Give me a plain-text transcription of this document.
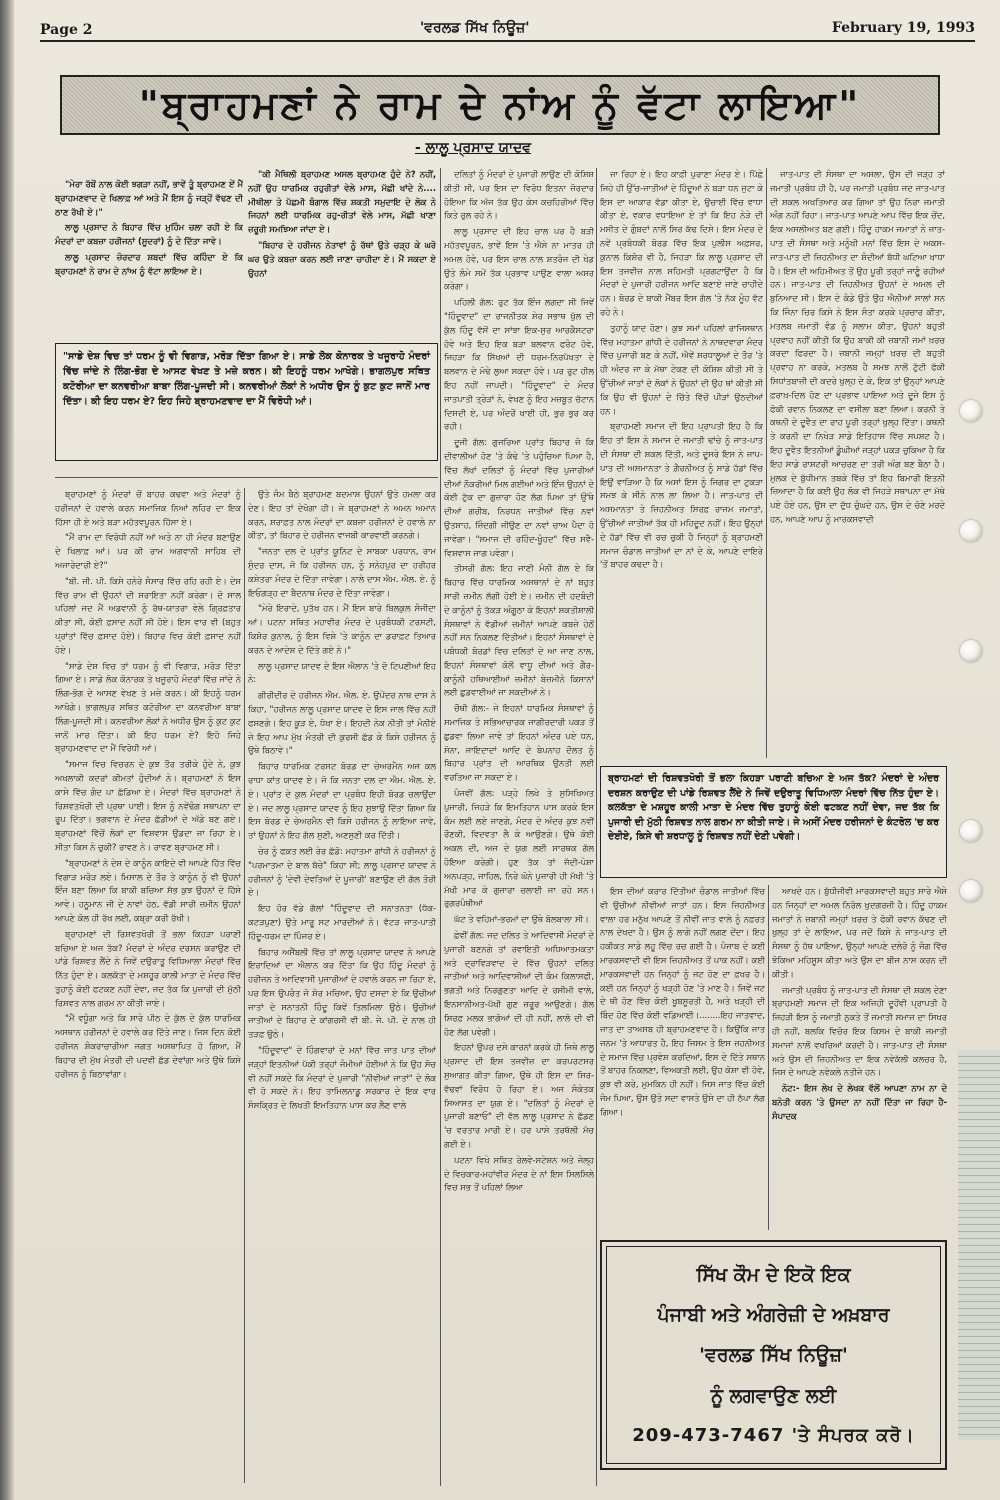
Page 2	'ਵਰਲਡ ਸਿੱਖ ਨਿਊਜ਼'	February 19, 1993
"ਬ੍ਰਾਹਮਣਾਂ ਨੇ ਰਾਮ ਦੇ ਨਾਂਅ ਨੂੰ ਵੱਟਾ ਲਾਇਆ"
- ਲਾਲੂ ਪ੍ਰਸਾਦ ਯਾਦਵ

"ਮੇਰਾ ਰੱਬੋਂ ਨਾਲ ਕੋਈ ਝਗੜਾ ਨਹੀਂ, ਭਾਵੇਂ ਤੂੰ ਬ੍ਰਾਹਮਣ ਏਂ ਮੈਂ ਬ੍ਰਾਹਮਣਵਾਦ ਦੇ ਖਿਲਾਫ਼ ਆਂ ਅਤੇ ਮੈਂ ਇਸ ਨੂੰ ਜੜ੍ਹੋਂ ਵੱਢਣ ਦੀ ਠਾਣ ਰੱਖੀ ਏ।"

ਲਾਲੂ ਪ੍ਰਸਾਦ ਨੇ ਬਿਹਾਰ ਵਿੱਚ ਮੁਹਿੰਮ ਚਲਾ ਰਹੀ ਏ ਕਿ ਮੰਦਰਾਂ ਦਾ ਕਬਜ਼ਾ ਹਰੀਜਨਾਂ (ਸੂਦਰਾਂ) ਨੂੰ ਦੇ ਦਿੱਤਾ ਜਾਵੇ।

ਲਾਲੂ ਪ੍ਰਸਾਦ ਜ਼ੋਰਦਾਰ ਸ਼ਬਦਾਂ ਵਿੱਚ ਕਹਿੰਦਾ ਏ ਕਿ ਬ੍ਰਾਹਮਣਾਂ ਨੇ ਰਾਮ ਦੇ ਨਾਂਅ ਨੂੰ ਵੱਟਾ ਲਾਇਆ ਏ।

"ਕੀ ਮੈਥਿਲੀ ਬ੍ਰਾਹਮਣ ਅਸਲ ਬ੍ਰਾਹਮਣ ਹੁੰਦੇ ਨੇ? ਨਹੀਂ, ਨਹੀਂ ਉਹ ਧਾਰਮਿਕ ਰਹੁਰੀਤਾਂ ਵੇਲੇ ਮਾਸ, ਮੱਛੀ ਖਾਂਦੇ ਨੇ.... ਮੀਥੀਲਾ ਤੇ ਪੱਛਮੀ ਬੰਗਾਲ ਵਿੱਚ ਸ਼ਕਤੀ ਸਮੁਦਾਇ ਦੇ ਲੋਕ ਨੇ ਜਿਹਨਾਂ ਲਈ ਧਾਰਮਿਕ ਰਹੁ-ਰੀਤਾਂ ਵੇਲੇ ਮਾਸ, ਮੱਛੀ ਖਾਣਾ ਜ਼ਰੂਰੀ ਸਮਝਿਆ ਜਾਂਦਾ ਏ।

"ਬਿਹਾਰ ਦੇ ਹਰੀਜਨ ਨੇਤਾਵਾਂ ਨੂੰ ਰੱਥਾਂ ਉਤੇ ਚੜ੍ਹ ਕੇ ਘਰੋ ਘਰ ਉਤੇ ਕਬਜ਼ਾ ਕਰਨ ਲਈ ਜਾਣਾ ਚਾਹੀਦਾ ਏ। ਮੈਂ ਸਕਦਾ ਏ ਉਹਨਾਂ

"ਸਾਡੇ ਦੇਸ਼ ਵਿਚ ਤਾਂ ਧਰਮ ਨੂੰ ਵੀ ਵਿਗਾੜ, ਮਰੋੜ ਦਿੱਤਾ ਗਿਆ ਏ। ਸਾਡੇ ਲੋਕ ਕੋਨਾਰਕ ਤੇ ਖਜੂਰਾਹੋ ਮੰਦਰਾਂ ਵਿੱਚ ਜਾਂਦੇ ਨੇ ਲਿੰਗ-ਭੋਗ ਦੇ ਆਸਣ ਵੇਖਣ ਤੇ ਮਜ਼ੇ ਕਰਨ। ਕੀ ਇਹਨੂੰ ਧਰਮ ਆਖੋਗੇ। ਭਾਗਲਪੁਰ ਸਥਿਤ ਕਟੋਰੀਆ ਦਾ ਕਨਵਰੀਆ ਬਾਬਾ ਲਿੰਗ-ਪੂਜਦੀ ਸੀ। ਕਨਵਰੀਆਂ ਲੋਕਾਂ ਨੇ ਅਧੀਰ ਉਸ ਨੂੰ ਕੁਟ ਕੁਟ ਜਾਨੋਂ ਮਾਰ ਦਿੱਤਾ। ਕੀ ਇਹ ਧਰਮ ਏ? ਇਹ ਜਿਹੇ ਬ੍ਰਾਹਮਣਵਾਦ ਦਾ ਮੈਂ ਵਿਰੋਧੀ ਆਂ।

ਬ੍ਰਾਹਮਣਾਂ ਨੂੰ ਮੰਦਰਾਂ ਚੋਂ ਬਾਹਰ ਕਢਵਾ ਅਤੇ ਮੰਦਰਾਂ ਨੂੰ ਹਰੀਜਨਾਂ ਦੇ ਹਵਾਲੇ ਕਰਨ ਸਮਾਜਿਕ ਨਿਆਂ ਲਹਿਰ ਦਾ ਇਕ ਹਿੱਸਾ ਹੀ ਏ ਅਤੇ ਬੜਾ ਮਹੱਤਵਪੂਰਨ ਹਿੱਸਾ ਏ।

"ਮੈਂ ਰਾਮ ਦਾ ਵਿਰੋਧੀ ਨਹੀਂ ਆਂ ਅਤੇ ਨਾ ਹੀ ਮੰਦਰ ਬਣਾਉਣ ਦੇ ਖਿਲਾਫ਼ ਆਂ। ਪਰ ਕੀ ਰਾਮ ਅਗਵਾਨੀ ਸਾਹਿਬ ਦੀ ਅਜਾਰੇਦਾਰੀ ਏ?"

"ਬੀ. ਜੀ. ਪੀ. ਕਿਸੇ ਹਨੇਰੇ ਸੰਸਾਰ ਵਿੱਚ ਰਹਿ ਰਹੀ ਏ। ਦੇਸ਼ ਵਿੱਚ ਰਾਮ ਵੀ ਉਹਨਾਂ ਦੀ ਸਰਾਇਤਾ ਨਹੀਂ ਕਰੇਗਾ। ਦੋ ਸਾਲ ਪਹਿਲਾਂ ਜਦ ਮੈਂ ਅਡਵਾਨੀ ਨੂੰ ਰੱਥ-ਯਾਤਰਾ ਵੇਲੇ ਗ੍ਰਿਫ਼ਤਾਰ ਕੀਤਾ ਸੀ, ਕੋਈ ਫ਼ਸਾਦ ਨਹੀਂ ਸੀ ਹੋਏ। ਇਸ ਵਾਰ ਵੀ (ਬਹੁਤ ਪ੍ਰਾਂਤਾਂ ਵਿੱਚ ਫ਼ਸਾਦ ਹੋਏ)। ਬਿਹਾਰ ਵਿਚ ਕੋਈ ਫ਼ਸਾਦ ਨਹੀਂ ਹੋਏ।

"ਸਾਡੇ ਦੇਸ਼ ਵਿਚ ਤਾਂ ਧਰਮ ਨੂੰ ਵੀ ਵਿਗਾੜ, ਮਰੋੜ ਦਿੱਤਾ ਗਿਆ ਏ। ਸਾਡੇ ਲੋਕ ਕੋਨਾਰਕ ਤੇ ਖਜੂਰਾਹੋ ਮੰਦਰਾਂ ਵਿੱਚ ਜਾਂਦੇ ਨੇ ਲਿੰਗ-ਭੋਗ ਦੇ ਆਸਣ ਵੇਖਣ ਤੇ ਮਜ਼ੇ ਕਰਨ। ਕੀ ਇਹਨੂੰ ਧਰਮ ਆਖੋਗੇ। ਭਾਗਲਪੁਰ ਸਥਿਤ ਕਟੋਰੀਆ ਦਾ ਕਨਵਰੀਆ ਬਾਬਾ ਲਿੰਗ-ਪੂਜਦੀ ਸੀ। ਕਨਵਰੀਆ ਲੋਕਾਂ ਨੇ ਅਧੀਰ ਉਸ ਨੂੰ ਕੁਟ ਕੁਟ ਜਾਨੋਂ ਮਾਰ ਦਿੱਤਾ। ਕੀ ਇਹ ਧਰਮ ਏ? ਇਹੋ ਜਿਹੇ ਬ੍ਰਾਹਮਣਵਾਦ ਦਾ ਮੈਂ ਵਿਰੋਧੀ ਆਂ।

"ਸਮਾਜ ਵਿਚ ਵਿਚਰਨ ਦੇ ਕੁਝ ਤੌਰ ਤਰੀਕੇ ਹੁੰਦੇ ਨੇ, ਕੁਝ ਅਖਲਾਕੀ ਕਦਰਾਂ ਕੀਮਤਾਂ ਹੁੰਦੀਆਂ ਨੇ। ਬ੍ਰਾਹਮਣਾਂ ਨੇ ਇਸ ਕਾਸੇ ਵਿੱਚ ਗੰਦ ਪਾ ਛੱਡਿਆ ਏ। ਮੰਦਰਾਂ ਵਿੱਚ ਬ੍ਰਾਹਮਣਾਂ ਨੇ ਰਿਸ਼ਵਤਖੋਰੀ ਦੀ ਪ੍ਰਥਾ ਪਾਈ। ਇਸ ਨੂੰ ਨਵੇਂਢੰਗ ਸਥਾਪਨਾ ਦਾ ਰੂਪ ਦਿੱਤਾ। ਭਗਵਾਨ ਦੇ ਮੰਦਰ ਛੱਡੀਆਂ ਦੇ ਅੱਡੇ ਬਣ ਗਏ। ਬ੍ਰਾਹਮਣਾਂ ਵਿੱਚੋਂ ਲੋਕਾਂ ਦਾ ਵਿਸ਼ਵਾਸ ਉਡਦਾ ਜਾ ਰਿਹਾ ਏ। ਸੀਤਾ ਕਿਸ ਨੇ ਚੁਕੀ? ਰਾਵਣ ਨੇ। ਰਾਵਣ ਬ੍ਰਾਹਮਣ ਸੀ।

"ਬ੍ਰਾਹਮਣਾਂ ਨੇ ਦੇਸ਼ ਦੇ ਕਾਨੂੰਨ ਕਾਇਦੇ ਵੀ ਆਪਣੇ ਹਿੱਤ ਵਿੱਚ ਵਿਗਾੜ ਮਰੋੜ ਲਏ। ਮਿਸਾਲ ਦੇ ਤੌਰ ਤੇ ਕਾਨੂੰਨ ਨੂੰ ਵੀ ਉਹਨਾਂ ਇੰਜ ਬਣਾ ਲਿਆ ਕਿ ਬਾਕੀ ਬਚਿਆ ਸੱਭ ਕੁਝ ਉਹਨਾਂ ਦੇ ਹਿੱਸੇ ਆਵੇ। ਹਨੂਮਾਨ ਜੀ ਦੇ ਨਾਵਾਂ ਹੇਠ, ਵੱਡੀ ਸਾਰੀ ਜ਼ਮੀਨ ਉਹਨਾਂ ਆਪਣੇ ਕੋਲ ਹੀ ਰੱਖ ਲਈ, ਕਬ੍ਰਾ ਕਰੀ ਰੱਖੀ।

ਬ੍ਰਾਹਮਣਾਂ ਦੀ ਰਿਸ਼ਵਤਖੋਰੀ ਤੋਂ ਭਲਾ ਕਿਹੜਾ ਪਰਾਣੀ ਬਚਿਆ ਏ ਅਜ ਤੱਕ? ਮੰਦਰਾਂ ਦੇ ਅੰਦਰ ਦਰਸ਼ਨ ਕਰਾਉਣ ਦੀ ਪਾਂਡੇ ਰਿਸ਼ਵਤ ਲੈਂਦੇ ਨੇ ਜਿਵੇਂ ਦਉਰਾਤੂ ਵਿਧਿਆਲਾ ਮੰਦਰਾਂ ਵਿੱਚ ਨਿੱਤ ਹੁੰਦਾ ਏ। ਕਲਕੱਤਾ ਦੇ ਮਸ਼ਹੂਰ ਕਾਲੀ ਮਾਤਾ ਦੇ ਮੰਦਰ ਵਿੱਚ ਤੁਹਾਨੂੰ ਕੋਈ ਫਟਕਣ ਨਹੀਂ ਦੇਵਾ, ਜਦ ਤੱਕ ਕਿ ਪੁਜਾਰੀ ਦੀ ਮੁੱਠੀ ਰਿਸ਼ਵਤ ਨਾਲ ਗਰਮ ਨਾ ਕੀਤੀ ਜਾਏ।

"ਮੈਂ ਵਧੂੰਗਾ ਅਤੇ ਕਿ ਸਾਰੇ ਪੀਠ ਦੇ ਕੁੱਲ ਦੇ ਕੁੱਲ ਧਾਰਮਿਕ ਅਸਥਾਨ ਹਰੀਜਨਾਂ ਦੇ ਹਵਾਲੇ ਕਰ ਦਿੱਤੇ ਜਾਣ। ਜਿਸ ਦਿਨ ਕੋਈ ਹਰੀਜਨ ਸ਼ੰਕਰਾਚਾਰੀਆ ਜਗਤ ਅਸਥਾਪਿਤ ਹੋ ਗਿਆ, ਮੈਂ ਬਿਹਾਰ ਦੀ ਮੁੱਖ ਮੰਤਰੀ ਦੀ ਪਦਵੀ ਛੱਡ ਦੇਵਾਂਗਾ ਅਤੇ ਉਥੇ ਕਿਸੇ ਹਰੀਜਨ ਨੂੰ ਬਿਠਾਵਾਂਗਾ।

ਉਤੇ ਜੰਮ ਬੈਠੇ ਬ੍ਰਾਹਮਣ ਬਦਮਾਸ਼ ਉਹਨਾਂ ਉਤੇ ਹਮਲਾ ਕਰ ਦੇਣ। ਇਹ ਤਾਂ ਦੇਖੋਗਾ ਹੀ। ਜੇ ਬ੍ਰਾਹਮਣਾਂ ਨੇ ਅਮਨ ਅਮਾਨ ਕਰਨ, ਸ਼ਰਾਫ਼ਤ ਨਾਲ ਮੰਦਰਾਂ ਦਾ ਕਬਜ਼ਾ ਹਰੀਜਨਾਂ ਦੇ ਹਵਾਲੇ ਨਾ ਕੀਤਾ, ਤਾਂ ਬਿਹਾਰ ਦੇ ਹਰੀਜਨ ਵਾਜਬੀ ਕਾਰਵਾਈ ਕਰਨਗੇ।

"ਜਨਤਾ ਦਲ ਦੇ ਪ੍ਰਾਂਤ ਯੂਨਿਟ ਦੇ ਸਾਬਕਾ ਪਰਧਾਨ, ਰਾਮ ਸੁੰਦਰ ਦਾਸ, ਜੋ ਕਿ ਹਰੀਜਨ ਹਨ, ਨੂੰ ਸਨੇਹਪੁਰ ਦਾ ਹਰੀਹਰ ਕਸ਼ੇਤਰਾ ਮੰਦਰ ਦੇ ਦਿੱਤਾ ਜਾਵੇਗਾ। ਨਾਲੇ ਦਾਸ ਐਮ. ਐਲ. ਏ. ਨੂੰ ਇਓਗੜ੍ਹ ਦਾ ਬੈਦਨਾਥ ਮੰਦਰ ਦੇ ਦਿੱਤਾ ਜਾਵੇਗਾ।

"ਮੇਰੇ ਇਰਾਦੇ, ਪੁਤੱਖ ਹਨ। ਮੈਂ ਇਸ ਬਾਰੇ ਬਿਲਕੁਲ ਸੰਜੀਦਾ ਆਂ। ਪਟਨਾ ਸਥਿਤ ਮਹਾਵੀਰ ਮੰਦਰ ਦੇ ਪ੍ਰਬੰਧਕੀ ਟਰਸਟੀ, ਕਿਸ਼ੋਰ ਕੁਨਾਲ, ਨੂੰ ਇਸ ਵਿਸ਼ੇ 'ਤੇ ਕਾਨੂੰਨ ਦਾ ਡਰਾਫ਼ਟ ਤਿਆਰ ਕਰਨ ਦੇ ਆਦੇਸ਼ ਦੇ ਦਿੱਤੇ ਗਏ ਨੇ।"

ਲਾਲੂ ਪ੍ਰਸਾਦ ਯਾਦਵ ਦੇ ਇਸ ਐਲਾਨ 'ਤੇ ਦੋ ਟਿਪਣੀਆਂ ਇਹ ਨੇ:

ਗੀਰੀਦੀਰ ਦੇ ਹਰੀਜਨ ਐਮ. ਐਲ. ਏ. ਉਪੇਂਦਰ ਨਾਥ ਦਾਸ ਨੇ ਕਿਹਾ, "ਹਰੀਜਨ ਲਾਲੂ ਪ੍ਰਸਾਦ ਯਾਦਵ ਦੇ ਇਸ ਜਾਲ ਵਿੱਚ ਨਹੀਂ ਫਸਣਗੇ। ਇਹ ਕੂੜ ਏ, ਧੋਖਾ ਏ। ਇਹਦੀ ਨੇਕ ਨੀਤੀ ਤਾਂ ਮੰਨੀਏ ਜੇ ਇਹ ਆਪ ਮੁੱਖ ਮੰਤਰੀ ਦੀ ਕੁਰਸੀ ਛੱਡ ਕੇ ਕਿਸੇ ਹਰੀਜਨ ਨੂੰ ਉਥੇ ਬਿਠਾਵੇ।"

ਬਿਹਾਰ ਧਾਰਮਿਕ ਟਰਸਟ ਬੋਰਡ ਦਾ ਚੇਅਰਮੈਨ ਅਜ ਕਲ ਰਾਧਾ ਕਾਂਤ ਯਾਦਵ ਏ। ਜੋ ਕਿ ਜਨਤਾ ਦਲ ਦਾ ਐਮ. ਐਲ. ਏ. ਏ। ਪ੍ਰਾਂਤ ਦੇ ਕੁਲ ਮੰਦਰਾਂ ਦਾ ਪ੍ਰਬੰਧ ਇਹੀ ਬੋਰਡ ਚਲਾਉਂਦਾ ਏ। ਜਦ ਲਾਲੂ ਪ੍ਰਸਾਦ ਯਾਦਵ ਨੂੰ ਇਹ ਸੁਝਾਉ ਦਿੱਤਾ ਗਿਆ ਕਿ ਇਸ ਬੋਰਡ ਦੇ ਚੇਅਰਮੈਨ ਵੀ ਕਿਸੇ ਹਰੀਜਨ ਨੂੰ ਲਾਇਆ ਜਾਵੇ, ਤਾਂ ਉਹਨਾਂ ਨੇ ਇਹ ਗੱਲ ਸੁਣੀ, ਅਣਸੁਣੀ ਕਰ ਦਿੱਤੀ।

ਚੇਰ ਨੂੰ ਫਕ਼ਤ ਲਈ ਰੇਰ ਛੱਡੋ: ਮਹਾਤਮਾ ਗਾਂਧੀ ਨੇ ਹਰੀਜਨਾਂ ਨੂੰ "ਪਰਮਾਤਮਾ ਦੇ ਬਾਲ ਬੱਚੇ" ਕਿਹਾ ਸੀ; ਲਾਲੂ ਪ੍ਰਸਾਦ ਯਾਦਵ ਨੇ ਹਰੀਜਨਾਂ ਨੂੰ 'ਦੇਵੀ ਦੇਵਤਿਆਂ ਦੇ ਪੂਜਾਰੀ' ਬਣਾਉਣ ਦੀ ਗੱਲ ਤੋਰੀ ਏ।

ਇਹ ਹੋਰ ਵੱਡੇ ਗੱਲਾਂ "ਹਿੰਦੂਵਾਦ ਦੀ ਸਨਾਤਨਤਾ (ਧੱਕ-ਕਟੜਪੁਣਾ) ਉਤੇ ਮਾਰੂ ਸਟ ਮਾਰਦੀਆਂ ਨੇ। ਵੱਟੜ ਜਾਤ-ਪਾਤੀ ਹਿੰਦੂ-ਧਰਮ ਦਾ ਪਿੰਜਰ ਏ।

ਬਿਹਾਰ ਅਸੈਂਬਲੀ ਵਿੱਚ ਤਾਂ ਲਾਲੂ ਪ੍ਰਸਾਦ ਯਾਦਵ ਨੇ ਆਪਣੇ ਇਰਾਦਿਆਂ ਦਾ ਐਲਾਨ ਕਰ ਦਿੱਤਾ ਕਿ ਉਹ ਹਿੰਦੂ ਮੰਦਰਾਂ ਨੂੰ ਹਰੀਜਨ ਤੇ ਆਦਿਵਾਸੀ ਪੁਜਾਰੀਆਂ ਦੇ ਹਵਾਲੇ ਕਰਨ ਜਾ ਰਿਹਾ ਏ, ਪਰ ਇਸ ਉਪਰੰਤ ਜੋ ਸ਼ੋਰ ਮਚਿਆ, ਉਹ ਦਸਦਾ ਏ ਕਿ ਉਚੀਆਂ ਜਾਤਾਂ ਦੇ ਸਨਾਤਨੀ ਹਿੰਦੂ ਕਿਵੇਂ ਤਿਲਮਿਲਾ ਉਠੇ। ਉਚੀਆਂ ਜਾਤੀਆਂ ਦੇ ਬਿਹਾਰ ਦੇ ਕਾਂਗਰਸੀ ਵੀ ਬੀ. ਜੇ. ਪੀ. ਦੇ ਨਾਲ ਹੀ ਤੜਫ਼ ਉਠੇ।

"ਹਿੰਦੂਵਾਦ" ਦੇ ਹਿੰਗਵਾਰਾਂ ਦੇ ਮਨਾਂ ਵਿੱਚ ਜਾਤ ਪਾਤ ਦੀਆਂ ਜੜ੍ਹਾਂ ਇਤਨੀਆਂ ਪੱਕੀ ਤਰ੍ਹਾਂ ਜੰਮੀਆਂ ਹੋਈਆਂ ਨੇ ਕਿ ਉਹ ਸੋਚ ਵੀ ਨਹੀਂ ਸਕਦੇ ਕਿ ਮੰਦਰਾਂ ਦੇ ਪੁਜਾਰੀ "ਨੀਵੀਆਂ ਜਾਤਾਂ" ਦੇ ਲੋਕ ਵੀ ਹੋ ਸਕਦੇ ਨੇ। ਇਹ ਤਾਮਿਲਨਾਡੂ ਸਰਕਾਰ ਦੇ ਇਕ ਵਾਰ ਸੰਸਕ੍ਰਿਤ ਦੇ ਲਿਖਤੀ ਇਮਤਿਹਾਨ ਪਾਸ ਕਰ ਲੈਣ ਵਾਲੇ

ਦਲਿਤਾਂ ਨੂੰ ਮੰਦਰਾਂ ਦੇ ਪੁਜਾਰੀ ਲਾਉਣ ਦੀ ਕੋਸ਼ਿਸ਼ ਕੀਤੀ ਸੀ, ਪਰ ਇਸ ਦਾ ਵਿਰੋਧ ਇਤਨਾ ਜ਼ੋਰਦਾਰ ਹੋਇਆ ਕਿ ਅੱਜ ਤੱਕ ਉਹ ਕੇਸ ਕਚਹਿਰੀਆਂ ਵਿੱਚ ਕਿਤੇ ਰੁਲ ਰਹੇ ਨੇ।

ਲਾਲੂ ਪ੍ਰਸਾਦ ਦੀ ਇਹ ਚਾਲ ਪਰ ਹੈ ਬੜੀ ਮਹੱਤਵਪੂਰਨ, ਭਾਵੇਂ ਇਸ 'ਤੇ ਐਸੇ ਨਾ ਮਾਤਰ ਹੀ ਅਮਲ ਹੋਵੇ, ਪਰ ਇਸ ਚਾਲ ਨਾਲ ਸ਼ਤਰੰਜ ਦੀ ਖੇਡ ਉਤੇ ਲੰਮੇ ਸਮੇਂ ਤੱਕ ਪ੍ਰਭਾਵ ਪਾਉਣ ਵਾਲਾ ਅਸਰ ਕਰੇਗਾ।

ਪਹਿਲੀ ਗੱਲ: ਰੁਟ ਤੱਕ ਇੰਜ ਲਗਦਾ ਸੀ ਜਿਵੇਂ "ਹਿੰਦੂਵਾਦ" ਦਾ ਰਾਜਨੀਤਕ ਸ਼ੇਰ ਸਭਾਥ ਖੁੱਲ ਦੀ ਕੁੱਲ ਹਿੰਦੂ ਵੱਸੋਂ ਦਾ ਸਾਂਝਾ ਇਕ-ਸੁਰ ਆਰਕੈਸਟਰਾ ਹੋਵੇ ਅਤੇ ਇਹ ਇਕ ਬੜਾ ਬਲਵਾਨ ਫਰੰਟ ਹੋਵੇ, ਜਿਹੜਾ ਕਿ ਸਿੱਖਆਂ ਦੀ ਧਰਮ-ਨਿਰਪੱਖਤਾ ਦੇ ਬਲਵਾਨ ਦੇ ਮੋਢੇ ਲੁਆ ਸਕਦਾ ਹੋਵੇ। ਪਰ ਰੁਟ ਹੀਲ ਇਹ ਨਹੀਂ ਜਾਪਦੀ। "ਹਿੰਦੂਵਾਦ" ਦੇ ਮੰਦਰ ਜਾਤਪਾਤੀ ਤ੍ਰੇੜਾਂ ਨੇ, ਵੇਖਣ ਨੂੰ ਇਹ ਮਜ਼ਬੂਤ ਚੱਟਾਨ ਦਿਸਦੀ ਏ, ਪਰ ਅੰਦਰੋਂ ਖਾਈ ਹੀ, ਭੁਰ ਭੁਰ ਕਰ ਰਹੀ।

ਦੂਜੀ ਗੱਲ: ਗੁਜਰਿਆ ਪ੍ਰਾਂਤ ਬਿਹਾਰ ਜੋ ਕਿ ਦੀਵਾਲੀਆਂ ਹੋਣ 'ਤੇ ਕੰਢੇ 'ਤੇ ਪਹੁੰਚਿਆ ਪਿਆ ਹੈ, ਵਿੱਚ ਲੱਖਾਂ ਦਲਿਤਾਂ ਨੂੰ ਮੰਦਰਾਂ ਵਿੱਚ ਪੁਜਾਰੀਆਂ ਦੀਆਂ ਨੌਕਰੀਆਂ ਮਿਲ ਗਈਆਂ ਅਤੇ ਇੰਜ ਉਹਨਾਂ ਦੇ ਕੋਈ ਟੁੱਕ ਦਾ ਗੁਜ਼ਾਰਾ ਹੋਣ ਲੱਗ ਪਿਆ ਤਾਂ ਉੱਥੇ ਦੀਆਂ ਗਰੀਬ, ਨਿਰਧਨ ਜਾਤੀਆਂ ਵਿੱਚ ਨਵਾਂ ਉਤਸ਼ਾਹ, ਜ਼ਿੰਦਗੀ ਜੀਉਣ ਦਾ ਨਵਾਂ ਚਾਅ ਪੈਦਾ ਹੋ ਜਾਵੇਗਾ। "ਸਮਾਜ ਦੀ ਰਹਿੰਦ-ਖੂੰਹਦ" ਵਿੱਚ ਸਵੈ-ਵਿਸ਼ਵਾਸ ਜਾਗ ਪਵੇਗਾ।

ਤੀਸਰੀ ਗੱਲ: ਇਹ ਜਾਣੀ ਮੰਨੀ ਗੱਲ ਏ ਕਿ ਬਿਹਾਰ ਵਿੱਚ ਧਾਰਮਿਕ ਅਸਥਾਨਾਂ ਦੇ ਨਾਂ ਬਹੁਤ ਸਾਰੀ ਜ਼ਮੀਨ ਲੱਗੀ ਹੋਈ ਏ। ਜ਼ਮੀਨ ਦੀ ਹਦਬੰਦੀ ਦੇ ਕਾਨੂੰਨਾਂ ਨੂੰ ਤੱਕੜ ਅੰਗੂਠਾ ਕੇ ਇਹਨਾਂ ਸ਼ਕਤੀਸ਼ਾਲੀ ਸੰਸਥਾਵਾਂ ਨੇ ਵੱਡੀਆਂ ਜ਼ਮੀਨਾਂ ਆਪਣੇ ਕਬਜ਼ੇ ਹੇਠੋਂ ਨਹੀਂ ਸਨ ਨਿਕਲਣ ਦਿੱਤੀਆਂ। ਇਹਨਾਂ ਸੰਸਥਾਵਾਂ ਦੇ ਪਬੰਧਕੀ ਬੋਰਡਾਂ ਵਿਚ ਦਲਿਤਾਂ ਦੇ ਆ ਜਾਣ ਨਾਲ, ਇਹਨਾਂ ਸੰਸਥਾਵਾਂ ਕੋਲੋਂ ਵਾਧੂ ਦੀਆਂ ਅਤੇ ਗੈਰ-ਕਾਨੂੰਨੀ ਹਥਿਆਈਆਂ ਜ਼ਮੀਨਾਂ ਬੇਜ਼ਮੀਨੇ ਕਿਸਾਨਾਂ ਲਈ ਛੁਡਵਾਈਆਂ ਜਾ ਸਕਦੀਆਂ ਨੇ।

ਚੌਥੀ ਗੱਲ:- ਜੇ ਇਹਨਾਂ ਧਾਰਮਿਕ ਸੰਸਥਾਵਾਂ ਨੂੰ ਸਮਾਜਿਕ ਤੇ ਸਭਿਆਚਾਰਕ ਜਾਗੀਰਦਾਰੀ ਪਕੜ ਤੋਂ ਛੁਡਵਾ ਲਿਆ ਜਾਵੇ ਤਾਂ ਇਹਨਾਂ ਅੰਦਰ ਪਏ ਧਨ, ਸੋਨਾ, ਜਾਇਦਾਦਾਂ ਆਦਿ ਦੇ ਬੇਪਨਾਹ ਦੌਲਤ ਨੂੰ ਬਿਹਾਰ ਪ੍ਰਾਂਤ ਦੀ ਆਰਥਿਕ ਉਨਤੀ ਲਈ ਵਰਤਿਆ ਜਾ ਸਕਦਾ ਏ।

ਪੰਜਵੀਂ ਗੱਲ: ਪੜ੍ਹੇ ਲਿਖੇ ਤੇ ਸੁਸਿਖਿਅਤ ਪੁਜਾਰੀ, ਜਿਹੜੇ ਕਿ ਇਮਤਿਹਾਨ ਪਾਸ ਕਰਕੇ ਇਸ ਕੰਮ ਲਈ ਲਏ ਜਾਣਗੇ, ਮੰਦਰ ਦੇ ਅੰਦਰ ਕੁਝ ਨਵੀਂ ਰੌਣਕੀ, ਵਿਦਵਤਾ ਲੈ ਕੇ ਆਉਣਗੇ। ਉਥੇ ਕੋਈ ਅਕਲ ਦੀ, ਅਜ ਦੇ ਯੁਗ ਲਈ ਸਾਰਥਕ ਗੱਲ ਹੋਇਆ ਕਰੇਗੀ। ਹੁਣ ਤੱਕ ਤਾਂ ਜੱਦੀ-ਪੇਸ਼ਾ ਅਨਪੜ੍ਹ, ਜਾਹਿਲ, ਨਿਰੇ ਘੋਨੇ ਪੁਜਾਰੀ ਹੀ ਮੱਖੀ 'ਤੇ ਮੱਖੀ ਮਾਰ ਕੇ ਗੁਜ਼ਾਰਾ ਚਲਾਈ ਜਾ ਰਹੇ ਸਨ। ਰੁਗਰਪੰਥੀਆਂ

ਘੱਟ ਤੇ ਵਹਿਮਾਂ-ਭਰਮਾਂ ਦਾ ਉਥੇ ਬੋਲਬਾਲਾ ਸੀ।

ਛੇਵੀਂ ਗੱਲ: ਜਦ ਦਲਿਤ ਤੇ ਆਦਿਵਾਸੀ ਮੰਦਰਾਂ ਦੇ ਪੁਜਾਰੀ ਬਣਨਗੇ ਤਾਂ ਰਵਾਇਤੀ ਅਧਿਆਤਮਕਤਾ ਅਤੇ ਦ੍ਰਾਵਿੜਵਾਦ ਦੇ ਵਿੱਚ ਉਹਨਾਂ ਦਲਿਤ ਜਾਤੀਆਂ ਅਤੇ ਆਦਿਵਾਸੀਆਂ ਦੀ ਕੰਮ ਕਿਲਾਸਫੀ, ਭਗਤੀ ਅਤੇ ਨਿਰਗੁਣਤਾ ਆਦਿ ਦੇ ਰਸੀਮੀ ਵਾਲੇ, ਇਨਸਾਨੀਅਤ-ਪੱਖੀ ਗੁਣ ਜ਼ਰੂਰ ਆਉਣਗੇ। ਗੱਲ ਸਿਰਫ਼ ਮਲਕ ਭਾਗੋਆਂ ਦੀ ਹੀ ਨਹੀਂ, ਲਾਲੋ ਦੀ ਵੀ ਹੋਣ ਲੱਗ ਪਵੇਗੀ।

ਇਹਨਾਂ ਉਪਰ ਦਸੇ ਕਾਰਨਾਂ ਕਰਕੇ ਹੀ ਜਿਥੇ ਲਾਲੂ ਪ੍ਰਸਾਦ ਦੀ ਇਸ ਤਜਵੀਜ਼ ਦਾ ਕਰਪਰਟਸਰ ਸੁਆਗਤ ਕੀਤਾ ਗਿਆ, ਉਥੇ ਹੀ ਇਸ ਦਾ ਸਿਰ-ਵੱਢਵਾਂ ਵਿਰੋਧ ਹੋ ਰਿਹਾ ਏ। ਅਜ ਸੰਕੇਤਕ ਸਿਆਸਤ ਦਾ ਯੁਗ ਏ। "ਦਲਿਤਾਂ ਨੂੰ ਮੰਦਰਾਂ ਦੇ ਪੁਜਾਰੀ ਬਣਾਓ" ਦੀ ਵੱਲ ਲਾਲੂ ਪ੍ਰਸਾਦ ਨੇ ਛੱਡਣ 'ਚ ਵਰਤਾਰ ਮਾਰੀ ਏ। ਹਰ ਪਾਸੇ ਤਰਥੱਲੀ ਮੱਚ ਗਈ ਏ।

ਪਟਨਾ ਵਿਖੇ ਸਥਿਤ ਰੇਲਵੇ-ਸਟੇਸ਼ਨ ਅਤੇ ਜੇਲ੍ਹ ਦੇ ਵਿਚਕਾਰ-ਮਹਾਂਵੀਰ ਮੰਦਰ ਦੇ ਨਾਂ ਇਸ ਸਿਲਸਿਲੇ ਵਿਚ ਸਭ ਤੋਂ ਪਹਿਲਾਂ ਲਿਆ

ਜਾ ਰਿਹਾ ਏ। ਇਹ ਕਾਫ਼ੀ ਪੁਰਾਣਾ ਮੰਦਰ ਏ। ਪਿੱਛੇ ਜਿਹੇ ਹੀ ਉੱਚ-ਜਾਤੀਆਂ ਦੇ ਹਿੰਦੂਆਂ ਨੇ ਬੜਾ ਧਨ ਜੁਟਾ ਕੇ ਇਸ ਦਾ ਆਕਾਰ ਵੱਡਾ ਕੀਤਾ ਏ, ਉਚਾਈ ਵਿੱਚ ਵਾਧਾ ਕੀਤਾ ਏ, ਵਕਾਰ ਵਧਾਇਆ ਏ ਤਾਂ ਕਿ ਇਹ ਨੇੜੇ ਦੀ ਮਸੀਤ ਦੇ ਗੁੰਬਦਾਂ ਨਾਲੋਂ ਸਿਰ ਕੱਢ ਦਿਸੇ। ਇਸ ਮੰਦਰ ਦੇ ਨਵੇਂ ਪ੍ਰਬੰਧਕੀ ਬੋਰਡ ਵਿੱਚ ਇਕ ਪੁਲੀਸ ਅਫ਼ਸਰ, ਕੁਨਾਲ ਕਿਸ਼ੋਰ ਵੀ ਹੈ, ਜਿਹੜਾ ਕਿ ਲਾਲੂ ਪ੍ਰਸਾਦ ਦੀ ਇਸ ਤਜਵੀਜ਼ ਨਾਲ ਸਹਿਮਤੀ ਪ੍ਰਗਟਾਉਂਦਾ ਹੈ ਕਿ ਮੰਦਰਾਂ ਦੇ ਪੁਜਾਰੀ ਹਰੀਜਨ ਆਦਿ ਬਣਾਏ ਜਾਣੇ ਚਾਹੀਦੇ ਹਨ। ਬੋਰਡ ਦੇ ਬਾਕੀ ਮੈਂਬਰ ਇਸ ਗੱਲ 'ਤੇ ਨੱਕ ਮੂੰਹ ਵੱਟ ਰਹੇ ਨੇ।

ਤੁਹਾਨੂੰ ਯਾਦ ਹੋਣਾ। ਕੁਝ ਸਮਾਂ ਪਹਿਲਾਂ ਰਾਜਿਸਥਾਨ ਵਿੱਚ ਮਹਾਤਮਾ ਗਾਂਧੀ ਦੇ ਹਰੀਜਨਾਂ ਨੇ ਨਾਥਦਵਾਰਾ ਮੰਦਰ ਵਿੱਚ ਪੁਜਾਰੀ ਬਣ ਕੇ ਨਹੀਂ, ਐਵੇਂ ਸ਼ਰਧਾਲੂਆਂ ਦੇ ਤੌਰ 'ਤੇ ਹੀ ਅੰਦਰ ਜਾ ਕੇ ਮੱਥਾ ਟੇਕਣ ਦੀ ਕੋਸ਼ਿਸ਼ ਕੀਤੀ ਸੀ ਤੇ ਉੱਚੀਆਂ ਜਾਤਾਂ ਦੇ ਲੋਕਾਂ ਨੇ ਉਹਨਾਂ ਦੀ ਉਹ ਥਾਂ ਕੀਤੀ ਸੀ ਕਿ ਉਹ ਵੀ ਉਹਨਾਂ ਦੇ ਚਿੱਤੇ ਵਿੱਚੋਂ ਪੀੜਾਂ ਉਠਦੀਆਂ ਹਨ।

ਬ੍ਰਾਹਮਣੀ ਸਮਾਜ ਦੀ ਇਹ ਪ੍ਰਾਪਤੀ ਇਹ ਹੈ ਕਿ ਇਹ ਤਾਂ ਇਸ ਨੇ ਸਮਾਜ ਦੇ ਜਮਾਤੀ ਢਾਂਚੇ ਨੂੰ ਜਾਤ-ਪਾਤ ਦੀ ਸੰਸਥਾ ਦੀ ਸ਼ਕਲ ਦਿੱਤੀ, ਅਤੇ ਦੂਸਰੇ ਇਸ ਨੇ ਜਾਪ-ਪਾਤ ਦੀ ਅਸਮਾਨਤਾ ਤੇ ਗ਼ੈਰਨੀਅਤ ਨੂੰ ਸਾਡੇ ਹੱਡਾਂ ਵਿੱਚ ਇਉਂ ਵਾੜਿਆ ਹੈ ਕਿ ਅਸਾਂ ਇਸ ਨੂੰ ਜਿਗਰ ਦਾ ਟੁਕੜਾ ਸਮਝ ਕੇ ਸੀਨੇ ਨਾਲ ਲਾ ਲਿਆ ਹੈ। ਜਾਤ-ਪਾਤ ਦੀ ਅਸਮਾਨਤਾ ਤੇ ਜ਼ਿਹਨੀਅਤ ਸਿਰਫ਼ ਰਾਜਮ ਜਮਾਤਾਂ, ਉੱਚੀਆਂ ਜਾਤੀਆਂ ਤੱਕ ਹੀ ਮਹਿਦੂਦ ਨਹੀਂ। ਇਹ ਉਨ੍ਹਾਂ ਦੇ ਹੱਡਾਂ ਵਿੱਚ ਵੀ ਰਚ ਚੁਕੀ ਹੈ ਜਿਨ੍ਹਾਂ ਨੂੰ ਬ੍ਰਾਹਮਣੀ ਸਮਾਜ ਚੰਡਾਲ ਜਾਤੀਆਂ ਦਾ ਨਾਂ ਦੇ ਕੇ, ਆਪਣੇ ਦਾਇਰੇ 'ਤੋਂ ਬਾਹਰ ਕਢਦਾ ਹੈ।

ਜਾਤ-ਪਾਤ ਦੀ ਸੰਸਥਾ ਦਾ ਅਸਲਾ, ਉਸ ਦੀ ਜੜ੍ਹ ਤਾਂ ਜਮਾਤੀ ਪ੍ਰਬੰਧ ਹੀ ਹੈ, ਪਰ ਜਮਾਤੀ ਪ੍ਰਬੰਧ ਜਦ ਜਾਤ-ਪਾਤ ਦੀ ਸ਼ਕਲ ਅਖਤਿਆਰ ਕਰ ਗਿਆ ਤਾਂ ਉਹ ਨਿਰਾ ਜਮਾਤੀ ਅੰਗ ਨਹੀਂ ਰਿਹਾ। ਜਾਤ-ਪਾਤ ਆਪਣੇ ਆਪ ਵਿੱਚ ਇਕ ਚੋਂਦ, ਇਕ ਅਸਲੀਅਤ ਬਣ ਗਈ। ਹਿੰਦੂ ਹਾਕਮ ਜਮਾਤਾਂ ਨੇ ਜਾਤ-ਪਾਤ ਦੀ ਸੰਸਥਾ ਅਤੇ ਮਨੂੰਖੀ ਮਨਾਂ ਵਿੱਚ ਇਸ ਦੇ ਅਕਸ-ਜਾਤ-ਪਾਤ ਦੀ ਜ਼ਿਹਨੀਅਤ ਦਾ ਸ਼ੰਦੀਆਂ ਬੱਧੀ ਘਟਿਆ ਖਾਧਾ ਹੈ। ਇਸ ਦੀ ਅਹਿਮੀਅਤ ਤੋਂ ਉਹ ਪੂਰੀ ਤਰ੍ਹਾਂ ਜਾਣੂੰ ਰਹੀਆਂ ਹਨ। ਜਾਤ-ਪਾਤ ਦੀ ਜ਼ਿਹਨੀਅਤ ਉਹਨਾਂ ਦੇ ਅਮਲ ਦੀ ਬੁਨਿਆਦ ਸੀ। ਇਸ ਦੇ ਕੰਡੇ ਉਤੇ ਉਹ ਐਨੀਆਂ ਸਾਲਾਂ ਸਨ ਕਿ ਜਿੰਨਾ ਚਿਰ ਕਿਸੇ ਨੇ ਇਸ ਸੰਤਾ ਕਰਕੇ ਪ੍ਰਚਾਰ ਕੀਤਾ, ਮਤਲਬ ਜਮਾਤੀ ਵੰਡ ਨੂੰ ਸਲਾਮ ਕੀਤਾ, ਉਹਨਾਂ ਬਹੁਤੀ ਪ੍ਰਵਾਹ ਨਹੀਂ ਕੀਤੀ ਕਿ ਉਹ ਬਾਕੀ ਕੀ ਜ਼ਬਾਨੀ ਜਮਾਂ ਖ਼ਰਚ ਕਰਦਾ ਫਿਰਦਾ ਹੈ। ਜ਼ਬਾਨੀ ਜਮ੍ਹਾਂ ਖ਼ਰਚ ਦੀ ਬਹੁਤੀ ਪ੍ਰਵਾਹ ਨਾ ਕਰਕੇ, ਮਤਲਬ ਹੈ ਸਮਝ ਨਾਲੋਂ ਟੁੱਟੀ ਫੱਕੀ ਸਿਧਾਂਤਬਾਜ਼ੀ ਦੀ ਕਦਰੇ ਖੁਲ੍ਹ ਦੇ ਕੇ, ਇਕ ਤਾਂ ਉਨ੍ਹਾਂ ਆਪਣੇ ਫ਼ਰਾਖ਼-ਦਿਲ ਹੋਣ ਦਾ ਪ੍ਰਭਾਵ ਪਾਇਆ ਅਤੇ ਦੂਜੇ ਇਸ ਨੂੰ ਫੋਕੀ ਰਵਾਨ ਨਿਕਲਣ ਦਾ ਵਸੀਲਾ ਬਣਾ ਲਿਆ। ਕਰਨੀ ਤੇ ਕਥਨੀ ਦੇ ਦੂਵੈਤ ਦਾ ਰਾਹ ਪੂਰੀ ਤਰ੍ਹਾਂ ਖੁਲ੍ਹ ਦਿੱਤਾ। ਕਥਨੀ ਤੇ ਕਰਨੀ ਦਾ ਨਿਖੇੜ ਸਾਡੇ ਇਤਿਹਾਸ ਵਿੱਚ ਸਪਸ਼ਟ ਹੈ। ਇਹ ਦੂਵੈਤ ਇਤਨੀਆਂ ਡੂੰਘੀਆਂ ਜੜ੍ਹਾਂ ਪਕੜ ਚੁਕਿਆ ਹੈ ਕਿ ਇਹ ਸਾਡੇ ਰਾਸ਼ਟਰੀ ਆਚਰਣ ਦਾ ਤਰੀ ਅੰਗ ਬਣ ਬੈਠਾ ਹੈ। ਮੁਲਕ ਦੇ ਬੁੱਧੀਮਾਨ ਤਬਕੇ ਵਿੱਚ ਤਾਂ ਇਹ ਬਿਮਾਰੀ ਇਤਨੀ ਜ਼ਿਆਦਾ ਹੈ ਕਿ ਕਈ ਉਹ ਲੋਕ ਵੀ ਜਿਹੜੇ ਸਥਾਪਨਾ ਦਾ ਮੱਥੇ ਪਏ ਹੋਏ ਹਨ, ਉਸ ਦਾ ਦੁੱਧ ਚੁੰਘਦੇ ਹਨ, ਉਸ ਦੇ ਚੋਣੇ ਮਰਦੇ ਹਨ, ਆਪਣੇ ਆਪ ਨੂੰ ਮਾਰਕਸਵਾਦੀ

ਬ੍ਰਾਹਮਣਾਂ ਦੀ ਰਿਸ਼ਵਤਖੋਰੀ ਤੋਂ ਭਲਾ ਕਿਹੜਾ ਪਰਾਣੀ ਬਚਿਆ ਏ ਅਜ ਤੱਕ? ਮੰਦਰਾਂ ਦੇ ਅੰਦਰ ਦਰਸ਼ਨ ਕਰਾਉਣ ਦੀ ਪਾਂਡੇ ਰਿਸ਼ਵਤ ਲੈਂਦੇ ਨੇ ਜਿਵੇਂ ਦਉਰਾਤੂ ਵਿਧਿਆਲਾ ਮੰਦਰਾਂ ਵਿੱਚ ਨਿੱਤ ਹੁੰਦਾ ਏ। ਕਲਕੱਤਾ ਦੇ ਮਸ਼ਹੂਰ ਕਾਲੀ ਮਾਤਾ ਦੇ ਮੰਦਰ ਵਿੱਚ ਤੁਹਾਨੂੰ ਕੋਈ ਫਟਕਣ ਨਹੀਂ ਦੇਵਾ, ਜਦ ਤੱਕ ਕਿ ਪੁਜਾਰੀ ਦੀ ਮੁੱਠੀ ਰਿਸ਼ਵਤ ਨਾਲ ਗਰਮ ਨਾ ਕੀਤੀ ਜਾਏ। ਜੇ ਅਸੀਂ ਮੰਦਰ ਹਰੀਜਨਾਂ ਦੇ ਕੰਟਰੋਲ 'ਚ ਕਰ ਦੇਈਏ, ਕਿਸੇ ਵੀ ਸ਼ਰਧਾਲੂ ਨੂੰ ਰਿਸ਼ਵਤ ਨਹੀਂ ਦੇਣੀ ਪਵੇਗੀ।

ਇਸ ਦੀਆਂ ਕਰਾਰ ਦਿੱਤੀਆਂ ਚੰਡਾਲ ਜਾਤੀਆਂ ਵਿੱਚ ਵੀ ਉਚੀਆਂ ਨੀਵੀਆਂ ਜਾਤਾਂ ਹਨ। ਇਸ ਜ਼ਿਹਨੀਅਤ ਵਾਲਾ ਹਰ ਮਨੁੱਖ ਆਪਣੇ ਤੋਂ ਨੀਵੀਂ ਜਾਤ ਵਾਲੇ ਨੂੰ ਨਫ਼ਰਤ ਨਾਲ ਦੇਖਦਾ ਹੈ। ਉਸ ਨੂੰ ਲਾਗੇ ਨਹੀਂ ਲਗਣ ਦੇਂਦਾ। ਇਹ ਹਕੀਕਤ ਸਾਡੇ ਲਹੂ ਵਿੱਚ ਰਚ ਗਈ ਹੈ। ਪੰਜਾਬ ਦੇ ਕਈ ਮਾਰਕਸਵਾਦੀ ਵੀ ਇਸ ਜ਼ਿਹਨੀਅਤ ਤੋਂ ਪਾਕ ਨਹੀਂ। ਕਈ ਮਾਰਕਸਵਾਦੀ ਹਨ ਜਿਨ੍ਹਾਂ ਨੂੰ ਜਟ ਹੋਣ ਦਾ ਫ਼ਖਰ ਹੈ। ਕਈ ਹਨ ਜਿਨ੍ਹਾਂ ਨੂੰ ਖੜ੍ਹੀ ਹੋਣ 'ਤੇ ਮਾਣ ਹੈ। ਜਿਵੇਂ ਜਟ ਦੇ ਥੀ ਹੋਣ ਵਿੱਚ ਕੋਈ ਖੂਬਸੂਰਤੀ ਹੈ, ਅਤੇ ਖੜ੍ਹੀ ਦੀ ਬਿੰਦ ਹੋਣ ਵਿੱਚ ਕੋਈ ਵਡਿਆਈ।........ਇਹ ਜਾਤਵਾਦ, ਜਾਤ ਦਾ ਤਾਅਸਬ ਹੀ ਬ੍ਰਾਹਮਣਵਾਦ ਹੈ। ਕਿਉਂਕਿ ਜਾਤ ਜਨਮ 'ਤੇ ਆਧਾਰਤ ਹੈ, ਇਹ ਜਿਸਮ ਤੇ ਇਸ ਜ਼ਹਨੀਅਤ ਦੇ ਸਮਾਜ ਵਿੱਚ ਪ੍ਰਵੇਸ਼ ਕਰਦਿਆਂ, ਇਸ ਦੇ ਦਿੱਤੇ ਸਥਾਨ ਤੋਂ ਬਾਹਰ ਨਿਕਲਣਾ, ਵਿਅਕਤੀ ਲਈ, ਉਹ ਕੋਸ਼ਾ ਵੀ ਹੋਵੇ, ਕੁਝ ਵੀ ਕਰੇ, ਮੁਮਕਿਨ ਹੀ ਨਹੀਂ। ਜਿਸ ਜਾਤ ਵਿੱਚ ਕੋਈ ਜੰਮ ਪਿਆ, ਉਸ ਉਤੇ ਸਦਾ ਵਾਸਤੇ ਉਸੇ ਦਾ ਹੀ ਠੱਪਾ ਲੱਗ ਗਿਆ।

ਆਖਦੇ ਹਨ। ਬੁੱਧੀਜੀਵੀ ਮਾਰਕਸਵਾਦੀ ਬਹੁਤ ਸਾਰੇ ਐਸੇ ਹਨ ਜਿਨ੍ਹਾਂ ਦਾ ਅਮਲ ਨਿਰੋਲ ਖੁਦਗਰਜ਼ੀ ਹੈ। ਹਿੰਦੂ ਹਾਕਮ ਜਮਾਤਾਂ ਨੇ ਜ਼ਬਾਨੀ ਜਮ੍ਹਾਂ ਖ਼ਰਚ ਤੇ ਫੋਕੀ ਰਵਾਨ ਕੱਢਣ ਦੀ ਖੁਲ੍ਹ ਤਾਂ ਦੇ ਲਾਇਆ, ਪਰ ਜਦੋਂ ਕਿਸੇ ਨੇ ਜਾਤ-ਪਾਤ ਦੀ ਸੰਸਥਾ ਨੂੰ ਹੱਥ ਪਾਇਆ, ਉਨ੍ਹਾਂ ਆਪਣੇ ਦਲੇਰੋ ਨੂੰ ਜੰਗ ਵਿੱਚ ਝੋਕਿਆ ਮਹਿਸੂਸ ਕੀਤਾ ਅਤੇ ਉਸ ਦਾ ਬੀਜ ਨਾਸ ਕਰਨ ਦੀ ਕੀਤੀ।

ਜਮਾਤੀ ਪ੍ਰਬੰਧ ਨੂੰ ਜਾਤ-ਪਾਤ ਦੀ ਸੰਸਥਾ ਦੀ ਸ਼ਕਲ ਦੇਣਾ ਬ੍ਰਾਹਮਣੀ ਸਮਾਜ ਦੀ ਇਕ ਅਜਿਹੀ ਦੂਹੋਂਵੀ ਪ੍ਰਾਪਤੀ ਹੈ ਜਿਹੜੀ ਇਸ ਨੂੰ ਜਮਾਤੀ ਨੁਕਤੇ ਤੋਂ ਜਮਾਤੀ ਸਮਾਜ ਦਾ ਸਿਖਰ ਹੀ ਨਹੀਂ, ਬਲਕਿ ਵਿਚੋਰ ਇਕ ਕਿਸਮ ਦੇ ਬਾਕੀ ਜਮਾਤੀ ਸਮਾਜਾਂ ਨਾਲੋਂ ਵਖਰਿਆਂ ਕਰਦੀ ਹੈ। ਜਾਤ-ਪਾਤ ਦੀ ਸੰਸਥਾ ਅਤੇ ਉਸ ਦੀ ਜ਼ਿਹਨੀਅਤ ਦਾ ਇਕ ਨਵੇਕੱਲੀ ਕਲਚਰ ਹੈ, ਜਿਸ ਦੇ ਆਪਣੇ ਨਵੇਕਲੇ ਨਤੀਜੇ ਹਨ।

ਨੋਟ:- ਇਸ ਲੇਖ ਦੇ ਲੇਖਕ ਵੱਲੋਂ ਆਪਣਾ ਨਾਮ ਨਾ ਦੇ ਬਨੇਤੀ ਕਰਨ 'ਤੇ ਉਸਦਾ ਨਾ ਨਹੀਂ ਦਿੱਤਾ ਜਾ ਰਿਹਾ ਹੈ-ਸੰਪਾਦਕ

ਸਿੱਖ ਕੌਮ ਦੇ ਇਕੋ ਇਕ
ਪੰਜਾਬੀ ਅਤੇ ਅੰਗਰੇਜ਼ੀ ਦੇ ਅਖ਼ਬਾਰ
'ਵਰਲਡ ਸਿੱਖ ਨਿਊਜ਼'
ਨੂੰ ਲਗਵਾਉਣ ਲਈ
209-473-7467 'ਤੇ ਸੰਪਰਕ ਕਰੋ।
